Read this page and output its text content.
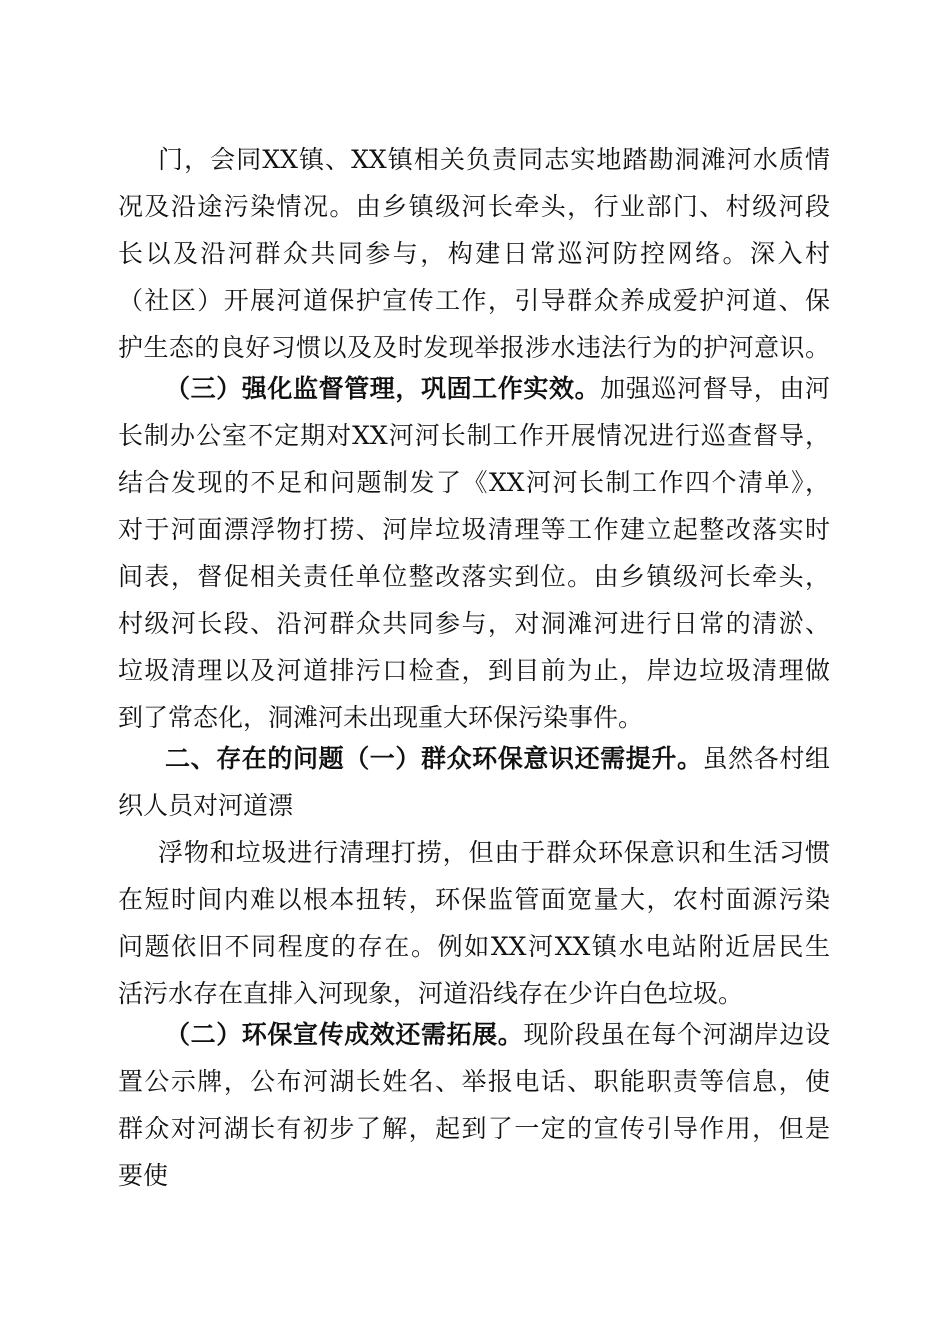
门，会同XX镇、XX镇相关负责同志实地踏勘洞滩河水质情
况及沿途污染情况。由乡镇级河长牵头，行业部门、村级河段
长以及沿河群众共同参与，构建日常巡河防控网络。深入村
（社区）开展河道保护宣传工作，引导群众养成爱护河道、保
护生态的良好习惯以及及时发现举报涉水违法行为的护河意识。
（三）强化监督管理，巩固工作实效。加强巡河督导，由河
长制办公室不定期对XX河河长制工作开展情况进行巡查督导，
结合发现的不足和问题制发了《XX河河长制工作四个清单》，
对于河面漂浮物打捞、河岸垃圾清理等工作建立起整改落实时
间表，督促相关责任单位整改落实到位。由乡镇级河长牵头，
村级河长段、沿河群众共同参与，对洞滩河进行日常的清淤、
垃圾清理以及河道排污口检查，到目前为止，岸边垃圾清理做
到了常态化，洞滩河未出现重大环保污染事件。
二、存在的问题（一）群众环保意识还需提升。虽然各村组
织人员对河道漂
浮物和垃圾进行清理打捞，但由于群众环保意识和生活习惯
在短时间内难以根本扭转，环保监管面宽量大，农村面源污染
问题依旧不同程度的存在。例如XX河XX镇水电站附近居民生
活污水存在直排入河现象，河道沿线存在少许白色垃圾。
（二）环保宣传成效还需拓展。现阶段虽在每个河湖岸边设
置公示牌，公布河湖长姓名、举报电话、职能职责等信息，使
群众对河湖长有初步了解，起到了一定的宣传引导作用，但是
要使
